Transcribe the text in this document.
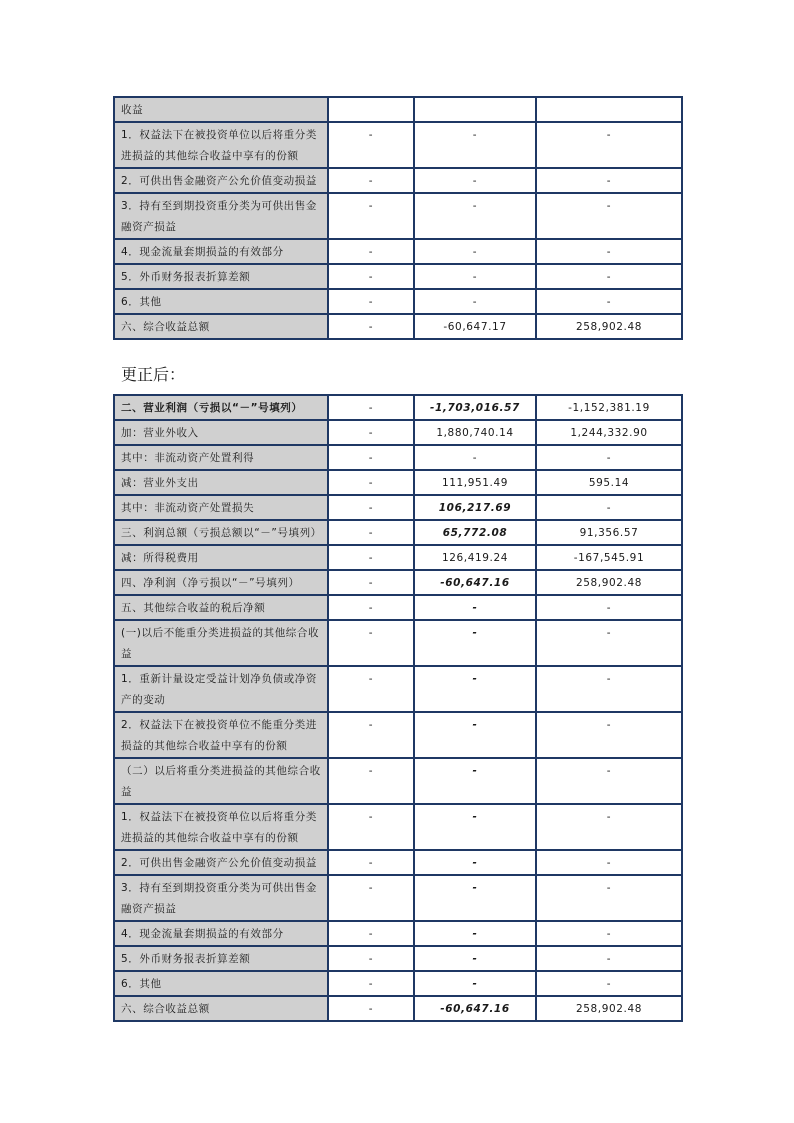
收益			
1．权益法下在被投资单位以后将重分类进损益的其他综合收益中享有的份额	-	-	-
2．可供出售金融资产公允价值变动损益	-	-	-
3．持有至到期投资重分类为可供出售金融资产损益	-	-	-
4．现金流量套期损益的有效部分	-	-	-
5．外币财务报表折算差额	-	-	-
6．其他	-	-	-
六、综合收益总额	-	-60,647.17	258,902.48
更正后：
二、营业利润（亏损以“－”号填列）	-	-1,703,016.57	-1,152,381.19
加：营业外收入	-	1,880,740.14	1,244,332.90
其中：非流动资产处置利得	-	-	-
减：营业外支出	-	111,951.49	595.14
其中：非流动资产处置损失	-	106,217.69	-
三、利润总额（亏损总额以“－”号填列）	-	65,772.08	91,356.57
减：所得税费用	-	126,419.24	-167,545.91
四、净利润（净亏损以“－”号填列）	-	-60,647.16	258,902.48
五、其他综合收益的税后净额	-	-	-
(一)以后不能重分类进损益的其他综合收益	-	-	-
1．重新计量设定受益计划净负债或净资产的变动	-	-	-
2．权益法下在被投资单位不能重分类进损益的其他综合收益中享有的份额	-	-	-
（二）以后将重分类进损益的其他综合收益	-	-	-
1．权益法下在被投资单位以后将重分类进损益的其他综合收益中享有的份额	-	-	-
2．可供出售金融资产公允价值变动损益	-	-	-
3．持有至到期投资重分类为可供出售金融资产损益	-	-	-
4．现金流量套期损益的有效部分	-	-	-
5．外币财务报表折算差额	-	-	-
6．其他	-	-	-
六、综合收益总额	-	-60,647.16	258,902.48
